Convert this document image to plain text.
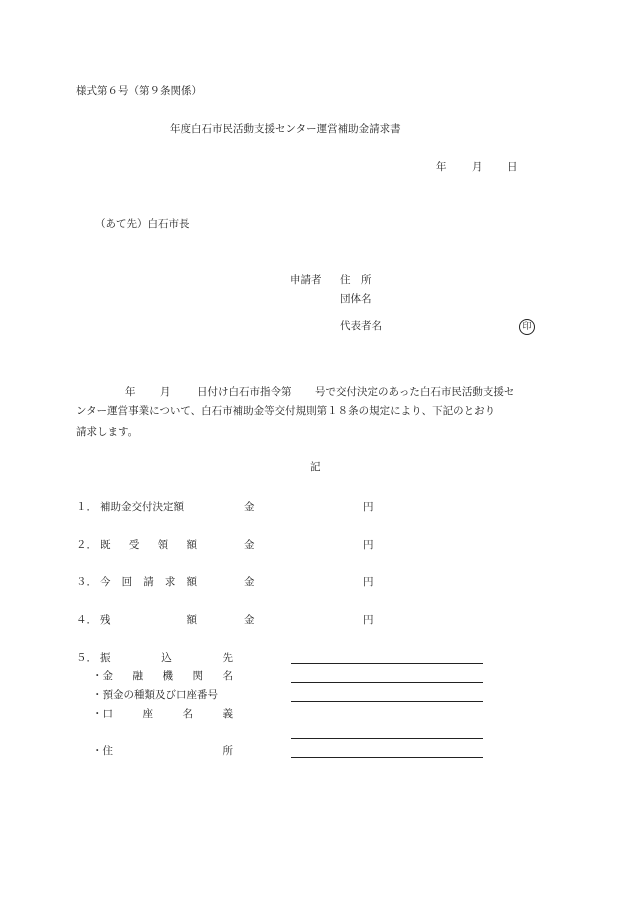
様式第６号（第９条関係）
年度白石市民活動支援センター運営補助金請求書
年 月 日
（あて先）白石市長
申請者 住　所
団体名
代表者名	印
年 月	日付け白石市指令第 号で交付決定のあった白石市民活動支援セ
ンター運営事業について、白石市補助金等交付規則第１８条の規定により、下記のとおり
請求します。
記
１． 補助金交付決定額	金	円
２． 既 受 領 額	金	円
３． 今 回 請 求 額	金	円
４． 残	額	金	円
５． 振	込	先
・金 融 機 関 名
・預金の種類及び口座番号
・口	座	名	義
・住	所
